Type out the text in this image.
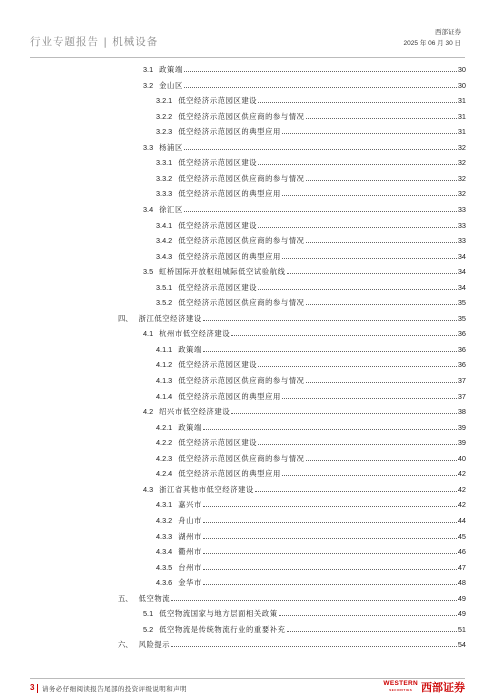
行业专题报告 | 机械设备
西部证券
2025 年 06 月 30 日
3.1 政策端	30
3.2 金山区	30
3.2.1 低空经济示范园区建设	31
3.2.2 低空经济示范园区供应商的参与情况	31
3.2.3 低空经济示范园区的典型应用	31
3.3 杨浦区	32
3.3.1 低空经济示范园区建设	32
3.3.2 低空经济示范园区供应商的参与情况	32
3.3.3 低空经济示范园区的典型应用	32
3.4 徐汇区	33
3.4.1 低空经济示范园区建设	33
3.4.2 低空经济示范园区供应商的参与情况	33
3.4.3 低空经济示范园区的典型应用	34
3.5 虹桥国际开放枢纽城际低空试验航线	34
3.5.1 低空经济示范园区建设	34
3.5.2 低空经济示范园区供应商的参与情况	35
四、 浙江低空经济建设	35
4.1 杭州市低空经济建设	36
4.1.1 政策端	36
4.1.2 低空经济示范园区建设	36
4.1.3 低空经济示范园区供应商的参与情况	37
4.1.4 低空经济示范园区的典型应用	37
4.2 绍兴市低空经济建设	38
4.2.1 政策端	39
4.2.2 低空经济示范园区建设	39
4.2.3 低空经济示范园区供应商的参与情况	40
4.2.4 低空经济示范园区的典型应用	42
4.3 浙江省其他市低空经济建设	42
4.3.1 嘉兴市	42
4.3.2 舟山市	44
4.3.3 湖州市	45
4.3.4 衢州市	46
4.3.5 台州市	47
4.3.6 金华市	48
五、 低空物流	49
5.1 低空物流国家与地方层面相关政策	49
5.2 低空物流是传统物流行业的重要补充	51
六、 风险提示	54
3 请务必仔细阅读报告尾部的投资评级说明和声明
WESTERN
SECURITIES 西部证券
